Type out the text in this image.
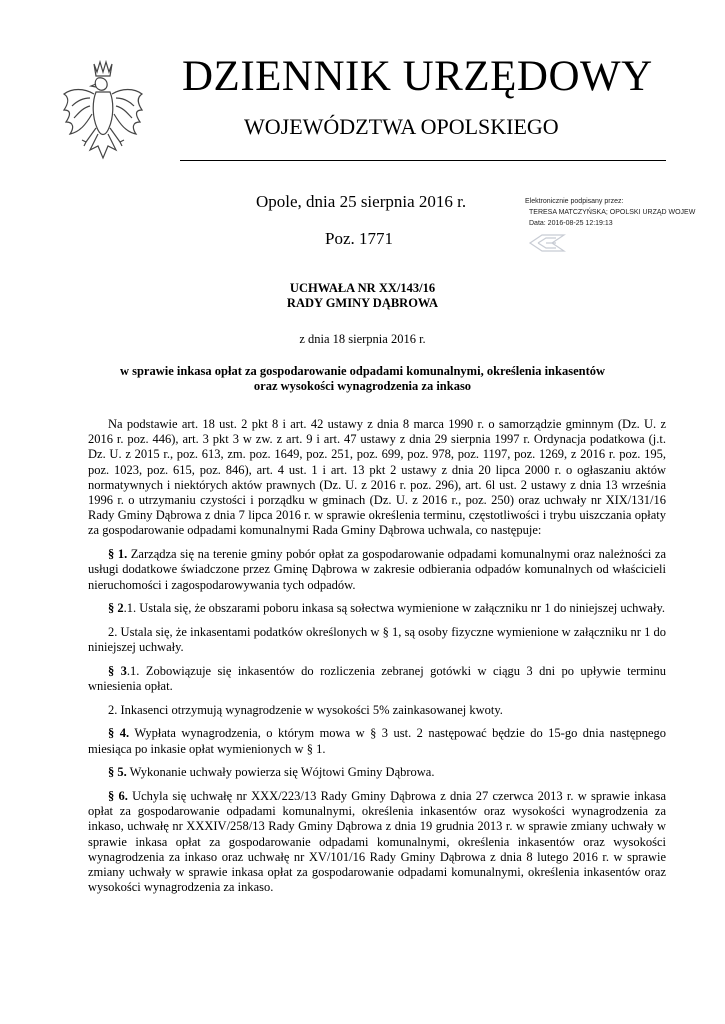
DZIENNIK URZĘDOWY
WOJEWÓDZTWA OPOLSKIEGO
Opole, dnia 25 sierpnia 2016 r.
Poz. 1771
Elektronicznie podpisany przez:
TERESA MATCZYŃSKA; OPOLSKI URZĄD WOJEW
Data: 2016-08-25 12:19:13
UCHWAŁA NR XX/143/16
RADY GMINY DĄBROWA
z dnia 18 sierpnia 2016 r.
w sprawie inkasa opłat za gospodarowanie odpadami komunalnymi, określenia inkasentów
oraz wysokości wynagrodzenia za inkaso

Na podstawie art. 18 ust. 2 pkt 8 i art. 42 ustawy z dnia 8 marca 1990 r. o samorządzie gminnym (Dz. U. z 2016 r. poz. 446), art. 3 pkt 3 w zw. z art. 9 i art. 47 ustawy z dnia 29 sierpnia 1997 r. Ordynacja podatkowa (j.t. Dz. U. z 2015 r., poz. 613, zm. poz. 1649, poz. 251, poz. 699, poz. 978, poz. 1197, poz. 1269, z 2016 r. poz. 195, poz. 1023, poz. 615, poz. 846), art. 4 ust. 1 i art. 13 pkt 2 ustawy z dnia 20 lipca 2000 r. o ogłaszaniu aktów normatywnych i niektórych aktów prawnych (Dz. U. z 2016 r. poz. 296), art. 6l ust. 2 ustawy z dnia 13 września 1996 r. o utrzymaniu czystości i porządku w gminach (Dz. U. z 2016 r., poz. 250) oraz uchwały nr XIX/131/16 Rady Gminy Dąbrowa z dnia 7 lipca 2016 r. w sprawie określenia terminu, częstotliwości i trybu uiszczania opłaty za gospodarowanie odpadami komunalnymi Rada Gminy Dąbrowa uchwala, co następuje:

§ 1. Zarządza się na terenie gminy pobór opłat za gospodarowanie odpadami komunalnymi oraz należności za usługi dodatkowe świadczone przez Gminę Dąbrowa w zakresie odbierania odpadów komunalnych od właścicieli nieruchomości i zagospodarowywania tych odpadów.

§ 2.1. Ustala się, że obszarami poboru inkasa są sołectwa wymienione w załączniku nr 1 do niniejszej uchwały.

2. Ustala się, że inkasentami podatków określonych w § 1, są osoby fizyczne wymienione w załączniku nr 1 do niniejszej uchwały.

§ 3.1. Zobowiązuje się inkasentów do rozliczenia zebranej gotówki w ciągu 3 dni po upływie terminu wniesienia opłat.

2. Inkasenci otrzymują wynagrodzenie w wysokości 5% zainkasowanej kwoty.

§ 4. Wypłata wynagrodzenia, o którym mowa w § 3 ust. 2 następować będzie do 15-go dnia następnego miesiąca po inkasie opłat wymienionych w § 1.

§ 5. Wykonanie uchwały powierza się Wójtowi Gminy Dąbrowa.

§ 6. Uchyla się uchwałę nr XXX/223/13 Rady Gminy Dąbrowa z dnia 27 czerwca 2013 r. w sprawie inkasa opłat za gospodarowanie odpadami komunalnymi, określenia inkasentów oraz wysokości wynagrodzenia za inkaso, uchwałę nr XXXIV/258/13 Rady Gminy Dąbrowa z dnia 19 grudnia 2013 r. w sprawie zmiany uchwały w sprawie inkasa opłat za gospodarowanie odpadami komunalnymi, określenia inkasentów oraz wysokości wynagrodzenia za inkaso oraz uchwałę nr XV/101/16 Rady Gminy Dąbrowa z dnia 8 lutego 2016 r. w sprawie zmiany uchwały w sprawie inkasa opłat za gospodarowanie odpadami komunalnymi, określenia inkasentów oraz wysokości wynagrodzenia za inkaso.
